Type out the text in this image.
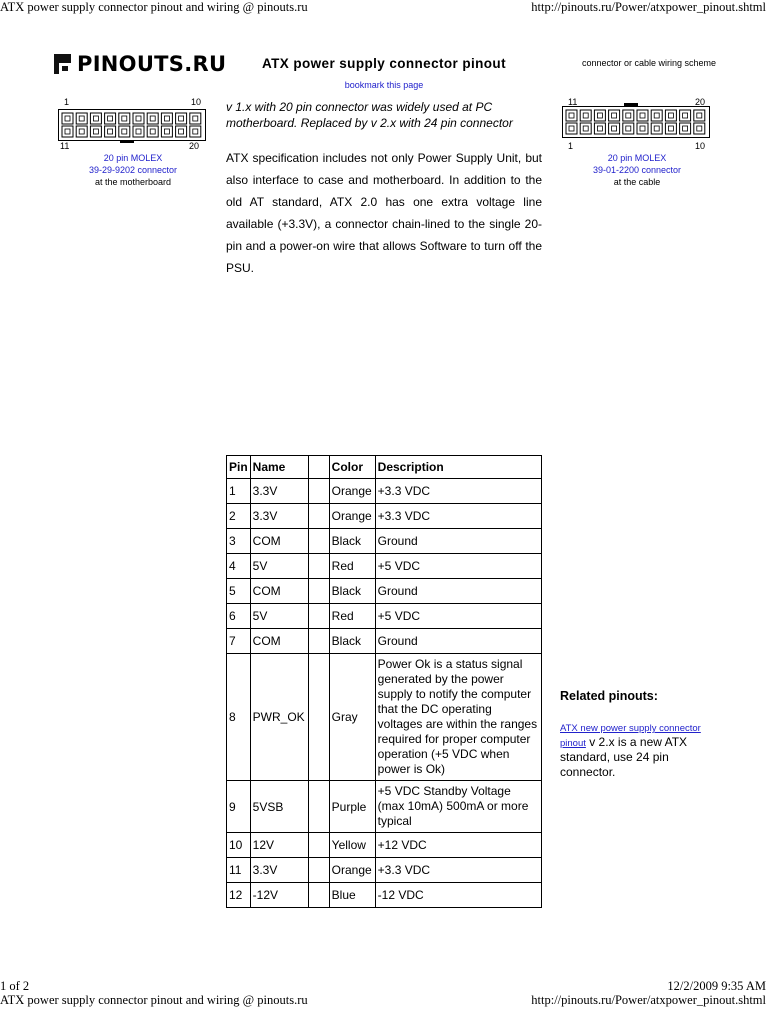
ATX power supply connector pinout and wiring @ pinouts.ru	http://pinouts.ru/Power/atxpower_pinout.shtml
PINOUTS.RU	ATX power supply connector pinout
bookmark this page
connector or cable wiring scheme
1	10
11	20
20 pin MOLEX
39-29-9202 connector
at the motherboard
11	20
1	10
20 pin MOLEX
39-01-2200 connector
at the cable
v 1.x with 20 pin connector was widely used at PC motherboard. Replaced by v 2.x with 24 pin connector
ATX specification includes not only Power Supply Unit, but also interface to case and motherboard. In addition to the old AT standard, ATX 2.0 has one extra voltage line available (+3.3V), a connector chain-lined to the single 20-pin and a power-on wire that allows Software to turn off the PSU.
Pin	Name		Color	Description
1	3.3V		Orange	+3.3 VDC
2	3.3V		Orange	+3.3 VDC
3	COM		Black	Ground
4	5V		Red	+5 VDC
5	COM		Black	Ground
6	5V		Red	+5 VDC
7	COM		Black	Ground
8	PWR_OK		Gray	Power Ok is a status signal generated by the power supply to notify the computer that the DC operating voltages are within the ranges required for proper computer operation (+5 VDC when power is Ok)
9	5VSB		Purple	+5 VDC Standby Voltage (max 10mA) 500mA or more typical
10	12V		Yellow	+12 VDC
11	3.3V		Orange	+3.3 VDC
12	-12V		Blue	-12 VDC
Related pinouts:
ATX new power supply connector pinout v 2.x is a new ATX standard, use 24 pin connector.
1 of 2	12/2/2009 9:35 AM
ATX power supply connector pinout and wiring @ pinouts.ru	http://pinouts.ru/Power/atxpower_pinout.shtml
